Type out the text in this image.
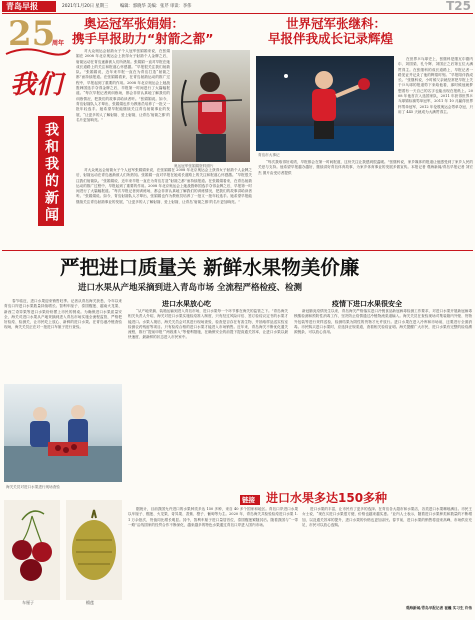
青岛早报	2021年1月20日 星期三	编辑：郭晓华 美编：张芹 审读：李伟	T25
25
周年
我们
我和我的新闻
奥运冠军张娟娟：
携手早报助力“射箭之都”
对大众奥运会射箭女子个人冠军张娟娟来说，在张娟娟在 2008 年北京奥运会上获得女子射箭个人金牌之后，射箭运动在青岛逐渐被人们所熟知。张娟娟一直对早报在她成长道路上的关注和报道心怀感激。“早报很关注我们射箭队。”张娟娟说，近年来早报一直在为青岛打造“射箭之都”而持续报道。在张娟娟看来，在青岛射箭运动的推广过程中，早报起到了重要的作用。2008 年北京奥运会上她战胜韩国选手夺得金牌之后，早报第一时间进行了大篇幅报道。“每次早报记者到训练场，都会非常认真地了解我们的训练情况，把我们的故事讲给读者听。”张娟娟说。如今，青岛射箭队人才辈出，张娟娟也作为教练员培养了一批又一批年轻选手。她希望早报能继续关注青岛射箭事业的发展，“让更多的人了解射箭、爱上射箭，让青岛‘射箭之都’的名片更加响亮。”
奥运冠军张娟娟资料照片
对大众奥运会射箭女子个人冠军张娟娟来说，在张娟娟在 2008 年北京奥运会上获得女子射箭个人金牌之后，射箭运动在青岛逐渐被人们所熟知。张娟娟一直对早报在她成长道路上的关注和报道心怀感激。“早报很关注我们射箭队。”张娟娟说，近年来早报一直在为青岛打造“射箭之都”而持续报道。在张娟娟看来，在青岛射箭运动的推广过程中，早报起到了重要的作用。2008 年北京奥运会上她战胜韩国选手夺得金牌之后，早报第一时间进行了大篇幅报道。“每次早报记者到训练场，都会非常认真地了解我们的训练情况，把我们的故事讲给读者听。”张娟娟说。如今，青岛射箭队人才辈出，张娟娟也作为教练员培养了一批又一批年轻选手。她希望早报能继续关注青岛射箭事业的发展，“让更多的人了解射箭、爱上射箭，让青岛‘射箭之都’的名片更加响亮。”
世界冠军张继科：
早报伴我成长记录辉煌
青岛市大事记
在世界乒乓球史上，张继科是继瓦尔德内尔、刘国梁、孔令辉、刘国正之后第五位大满贯得主。在张继科的成长道路上，早报记者一路见证并记录了他的辉煌时刻。“早报陪伴我成长。”张继科说，小时候父亲就经常把早报上关于乒乓球的报道剪下来给他看，那时候他就梦想着有一天自己的名字也能出现在报纸上。2008 年他首次入选国家队，2011 年获得世界乒乓球锦标赛男单冠军，2011 年 10 月赢得世界杯男单冠军，2012 年伦敦奥运会男单夺冠，只用了 445 天就成为大满贯得主。
“每次我取得好成绩，早报都会在第一时间报道，这份关注让我感到很温暖。”张继科说，家乡媒体的报道让他感受到了家乡人民的关爱与支持。他希望早报越办越好，继续讲好青岛体育故事，为家乡体育事业的发展多做宣传。本报记者 观海新闻/青岛早报记者 刘宏杰 图片由受访者提供
严把进口质量关 新鲜水果物美价廉
进口水果从产地采摘到进入青岛市场 全流程严格检疫、检测
春节临近，进口水果迎来销售旺季。记者从青岛海关获悉，今年以来青岛口岸进口水果数量持续增长。智利车厘子、泰国榴莲、越南火龙果、新西兰奇异果等进口水果纷纷摆上市民的餐桌。为确保进口水果质量安全，海关对进口水果从产地采摘到进入青岛市场实施全流程监管，严格把好检疫、检测关，让市民吃上放心、新鲜的进口水果。在青岛港冷链查验现场，海关关员正在对一批进口车厘子进行查验。
海关关员对进口水果进行现场查验
进口水果放心吃
“从产地采摘、装箱运输到进入青岛市场，进口水果每一个环节都在海关的监管之下。”青岛海关相关负责人介绍，海关对进口水果实施检疫准入制度，只有经过风险评估、签订检疫议定书的水果才能进口。水果入境后，海关关员会对其进行现场查验，检查是否存在有害生物，并抽取样品送实验室检测农药残留等项目。只有检疫合格的进口水果才能进入市场销售。近年来，青岛海关不断优化通关流程，推行“提前申报”“两段准入”等便利措施，在确保安全的前提下提高通关效率，让进口水果以最快速度、最新鲜的状态进入市民家中。
疫情下进口水果很安全
新冠肺炎疫情发生以来，青岛海关严格落实进口冷链食品新冠病毒检测工作要求，对进口水果开展新冠病毒核酸检测和预防性消毒工作，坚决防止疫情通过冷链物流渠道输入。海关关员在查验现场对集装箱内外壁、货物外包装等进行采样送检，检测结果为阴性的货物才允许放行。进口水果在进入冷库和市场前，还要进行全面消毒。市民购买进口水果时，应选择正规渠道，查看相关检疫证明。海关提醒广大市民，进口水果有完整的检疫溯源链条，可以放心食用。
车厘子	榴莲
链接 进口水果多达150多种
据统计，目前我国允许进口的水果种类多达 150 多种，来自 40 多个国家和地区。青岛口岸进口水果以车厘子、榴莲、火龙果、奇异果、香蕉、橙子、葡萄等为主。2020 年，青岛海关共检验检疫进口水果 1.1 万余批次，货值同比增长明显。其中，智利车厘子进口量居首位，泰国榴莲紧随其后。随着我国与“一带一路”沿线国家的经贸合作不断深化，越来越多的特色水果通过青岛口岸进入国内市场。
进口水果的丰富，让市民有了更多的选择。在青岛各大超市和水果店，各类进口水果琳琅满目。市民王女士说，“现在买进口水果很方便，价格也越来越实惠。”业内人士表示，随着进口水果种类和数量的不断增加，以及通关效率的提升，进口水果的价格也更加亲民。春节前，进口水果的销售将迎来高峰，市场供应充足，市民可以放心选购。
观海新闻/青岛早报记者 崔巍 实习生 许伟
